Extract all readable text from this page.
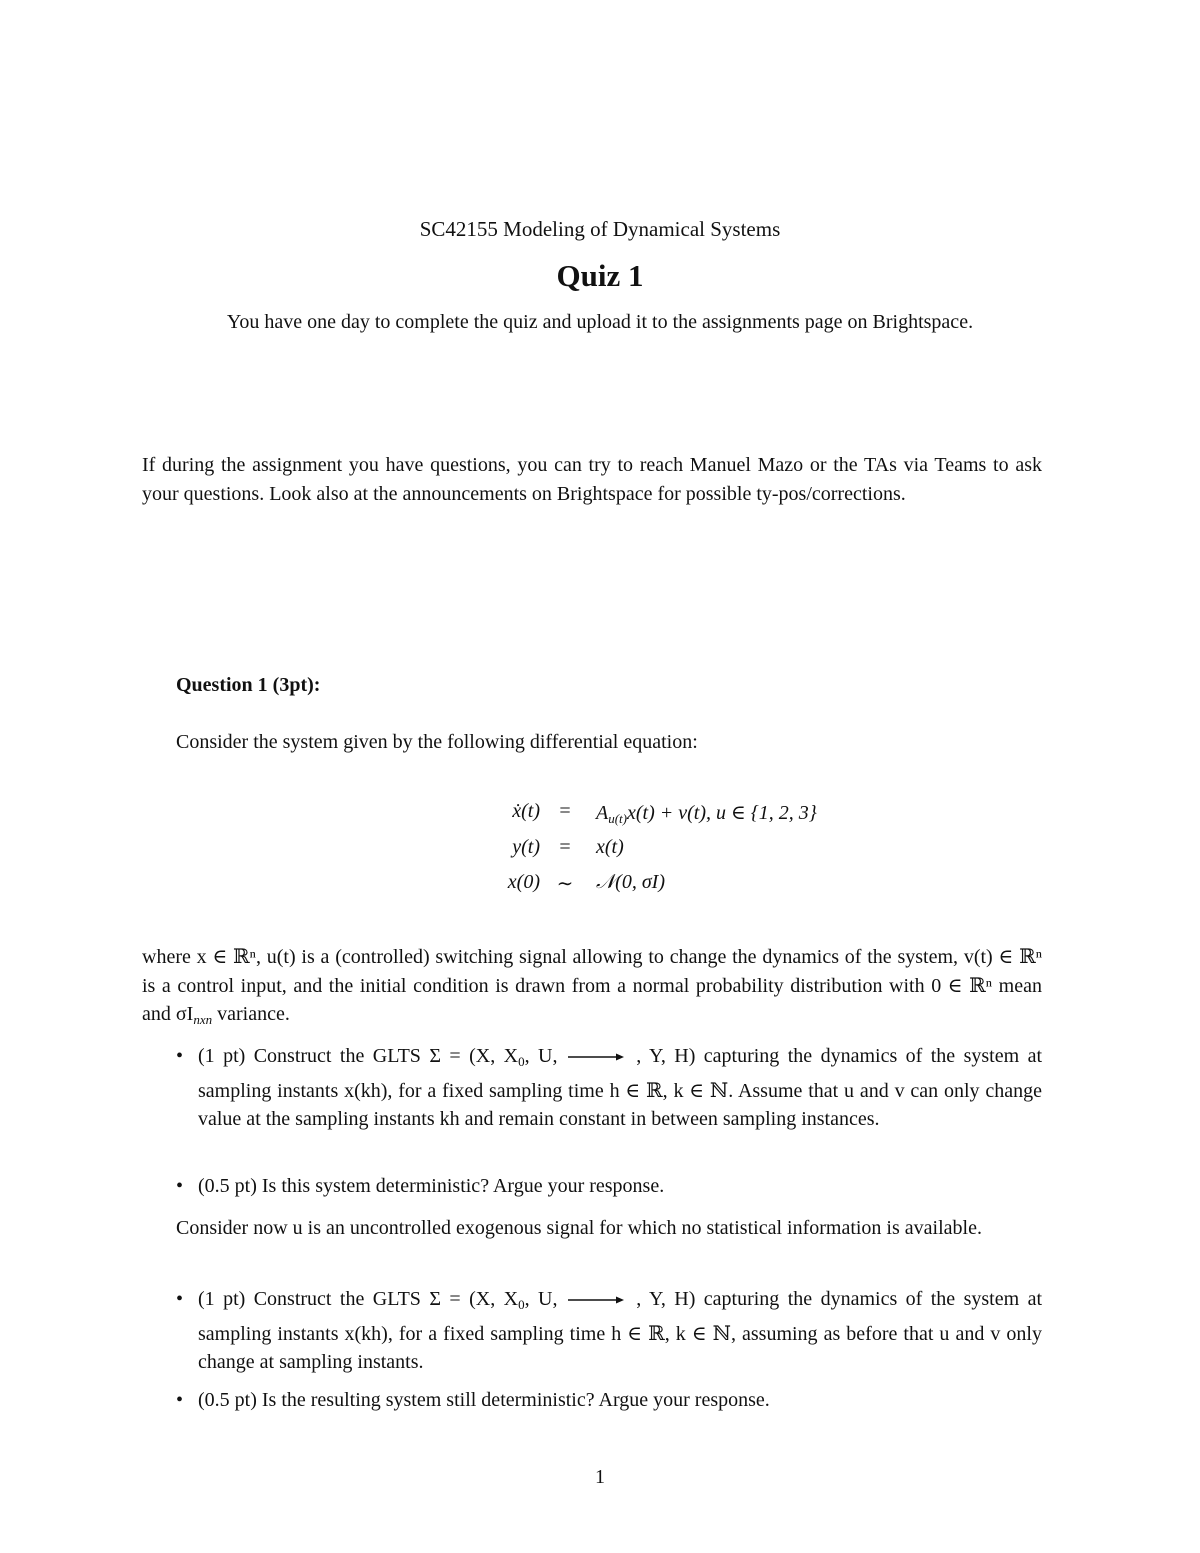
SC42155 Modeling of Dynamical Systems
Quiz 1
You have one day to complete the quiz and upload it to the assignments page on Brightspace.
If during the assignment you have questions, you can try to reach Manuel Mazo or the TAs via Teams to ask your questions. Look also at the announcements on Brightspace for possible ty-pos/corrections.
Question 1 (3pt):
Consider the system given by the following differential equation:
ẋ(t) =	$A_{u(t)}x(t) + v(t)$, u ∈ {1, 2, 3}
y(t) =	x(t)
x(0) ∼	𝒩(0, σI)
where x ∈ ℝⁿ, u(t) is a (controlled) switching signal allowing to change the dynamics of the system, v(t) ∈ ℝⁿ is a control input, and the initial condition is drawn from a normal probability distribution with 0 ∈ ℝⁿ mean and $\sigma I_{nxn}$ variance.
• (1 pt) Construct the GLTS Σ = (X, $X_0$, U,	, Y, H) capturing the dynamics of the system at sampling instants x(kh), for a fixed sampling time h ∈ ℝ, k ∈ ℕ. Assume that u and v can only change value at the sampling instants kh and remain constant in between sampling instances.
• (0.5 pt) Is this system deterministic? Argue your response.
Consider now u is an uncontrolled exogenous signal for which no statistical information is available.
• (1 pt) Construct the GLTS Σ = (X, $X_0$, U,	, Y, H) capturing the dynamics of the system at sampling instants x(kh), for a fixed sampling time h ∈ ℝ, k ∈ ℕ, assuming as before that u and v only change at sampling instants.
• (0.5 pt) Is the resulting system still deterministic? Argue your response.
1
